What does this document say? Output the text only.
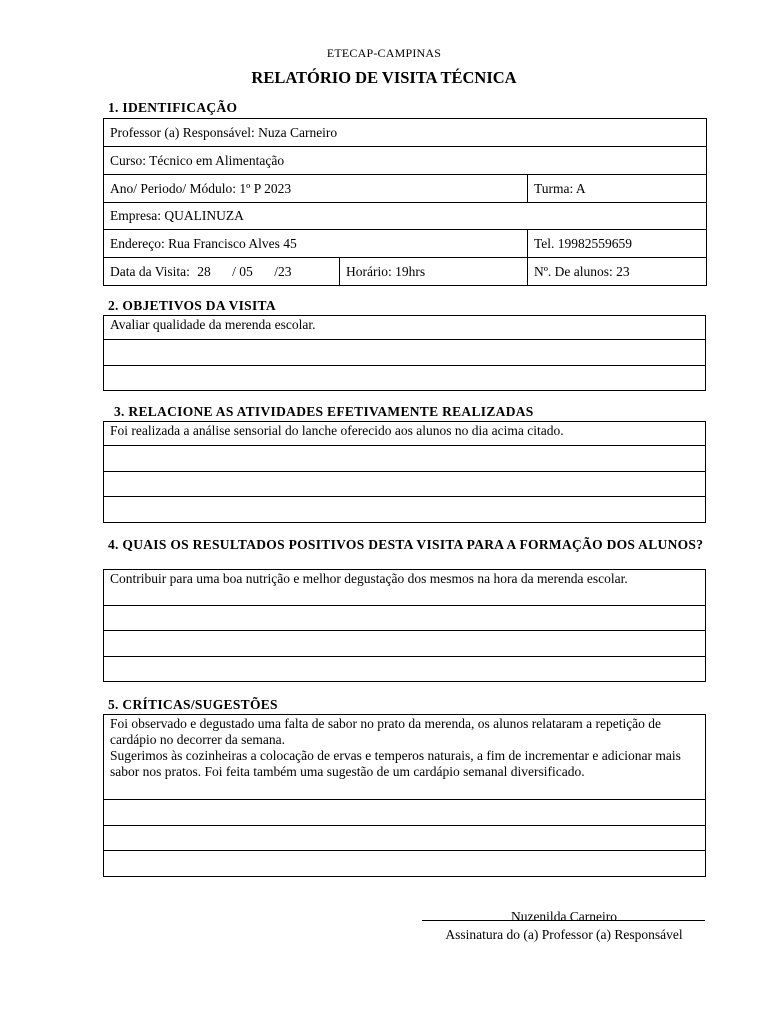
ETECAP-CAMPINAS
RELATÓRIO DE VISITA TÉCNICA
1. IDENTIFICAÇÃO
Professor (a) Responsável: Nuza Carneiro		
Curso: Técnico em Alimentação		
Ano/ Periodo/ Módulo: 1º P 2023		Turma: A
Empresa: QUALINUZA		
Endereço: Rua Francisco Alves 45		Tel. 19982559659
Data da Visita: 28 / 05 /23	Horário: 19hrs	Nº. De alunos: 23
2. OBJETIVOS DA VISITA
Avaliar qualidade da merenda escolar.

3. RELACIONE AS ATIVIDADES EFETIVAMENTE REALIZADAS
Foi realizada a análise sensorial do lanche oferecido aos alunos no dia acima citado.

4. QUAIS OS RESULTADOS POSITIVOS DESTA VISITA PARA A FORMAÇÃO DOS ALUNOS?
Contribuir para uma boa nutrição e melhor degustação dos mesmos na hora da merenda escolar.

5. CRÍTICAS/SUGESTÕES
Foi observado e degustado uma falta de sabor no prato da merenda, os alunos relataram a repetição de cardápio no decorrer da semana.
Sugerimos às cozinheiras a colocação de ervas e temperos naturais, a fim de incrementar e adicionar mais sabor nos pratos. Foi feita também uma sugestão de um cardápio semanal diversificado.

Nuzenilda Carneiro
Assinatura do (a) Professor (a) Responsável
